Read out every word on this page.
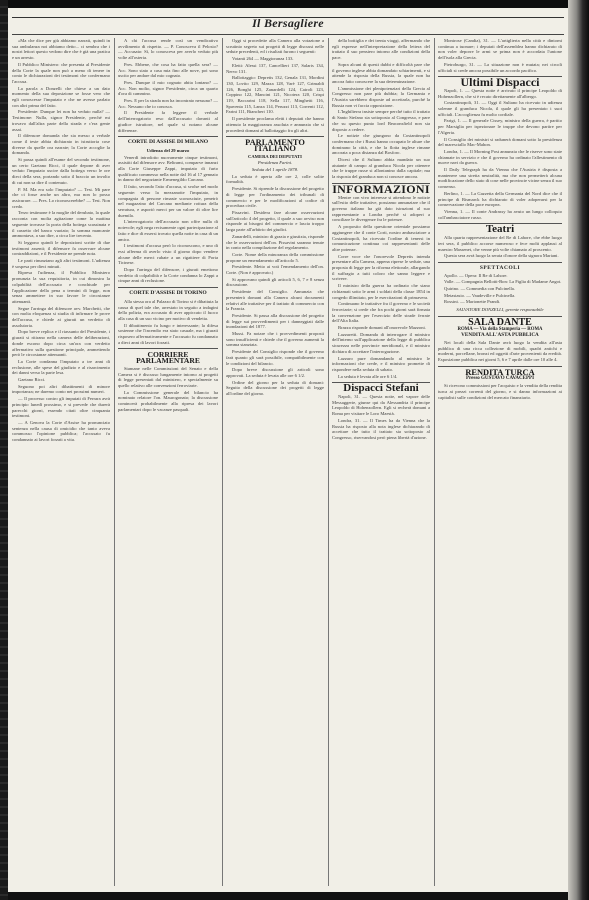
Il Bersagliere

«Ma che dice per giù abbiamo narrati, quindi in sua ambulanza noi abbiamo detto... ci sembra che i nostri lettori questo vedono dire che è già una pratica e un arresto.

Il Pubblico Ministero: che presenta al Presidente della Corte la quale non può a meno di tenere in conto le dichiarazioni dei testimoni che confermano l'accusa.

La parola a Donzelli che chiese a un dato momento della sua deposizione se fosse vero che egli conoscesse l'imputato e che ne avesse parlato con altri prima del fatto.

Presidente: Dunque lei non ha veduto nulla? — Testimone: Nulla, signor Presidente, perché mi trovavo dall'altra parte della strada e c'era gente assai.

Il difensore domanda che sia messo a verbale come il teste abbia dichiarato in istruttoria cose diverse da quelle ora narrate; la Corte accoglie la domanda.

Si passa quindi all'esame del secondo testimone, un certo Gaetano Ricci, il quale depone di aver veduto l'imputato uscire dalla bottega verso le ore dieci della sera, portando sotto il braccio un involto di cui non sa dire il contenuto.

P. M. Ma era solo l'imputato? — Test. Mi pare che ci fosse anche un altro, ma non lo posso assicurare. — Pres. Lo riconoscerebbe? — Test. Non credo.

Terzo testimone è la moglie del derubato, la quale racconta con molta agitazione come la mattina seguente trovasse la porta della bottega scassinata e il cassetto del banco vuotato; la somma mancante ammontava, a suo dire, a circa lire trecento.

Si leggono quindi le deposizioni scritte di due testimoni assenti; il difensore fa osservare alcune contraddizioni, e il Presidente ne prende nota.

Le parti rinunziano agli altri testimoni. L'udienza è sospesa per dieci minuti.

Ripresa l'udienza, il Pubblico Ministero pronunzia la sua requisitoria, in cui dimostra la colpabilità dell'accusato e conchiude per l'applicazione della pena a termini di legge, non senza ammettere in suo favore le circostanze attenuanti.

Segue l'arringa del difensore avv. Marchetti, che con molta eloquenza si studia di infirmare le prove dell'accusa, e chiede ai giurati un verdetto di assolutoria.

Dopo breve replica e il riassunto del Presidente, i giurati si ritirano nella camera delle deliberazioni, donde escono dopo circa un'ora con verdetto affermativo sulla questione principale, ammettendo però le circostanze attenuanti.

La Corte condanna l'imputato a tre anni di reclusione, alle spese del giudizio e al risarcimento dei danni verso la parte lesa.

Gaetano Ricci.

Seguono poi altri dibattimenti di minore importanza; ne daremo conto nei prossimi numeri.

— Il processo contro gli imputati di Ferrara avrà principio lunedì prossimo, e si prevede che durerà parecchi giorni, essendo citati oltre cinquanta testimoni.

— A Genova la Corte d'Assise ha pronunciato sentenza nella causa di omicidio che tanto aveva commosso l'opinione pubblica; l'accusato fu condannato ai lavori forzati a vita.

A chi l'accusa rende così un vendicativo avvilimento di rispetto. — P. Conosceva il Pelosio? — Accusato: Sì, lo conosceva per averlo veduto più volte all'osteria.

Pres. Ebbene, che cosa ha fatto quella sera? — Acc. Sono stato a casa mia fino alle nove, poi sono uscito per andare dal mio cognato.

Pres. Dunque il mio cognato abita lontano? — Acc. Non molto, signor Presidente, circa un quarto d'ora di cammino.

Pres. E per la strada non ha incontrato nessuno? — Acc. Nessuno che io conosca.

Il Presidente fa leggere il verbale dell'interrogatorio reso dall'accusato davanti al giudice istruttore, nel quale si notano alcune differenze.

CORTE DI ASSISE DI MILANO
Udienza del 29 marzo

Venerdì introdotto nuovamente cinque testimoni, assistiti dal difensore avv. Beltrami, comparve innanzi alla Corte Giuseppe Zappi, imputato di furto qualificato commesso nella notte dal 16 al 17 gennaio in danno del negoziante Ermenegildo Carcano.

Il fatto, secondo l'atto d'accusa, si svolse nel modo seguente: verso la mezzanotte l'imputato, in compagnia di persone rimaste sconosciute, penetrò nel magazzino del Carcano mediante rottura della serratura, e asportò merci per un valore di oltre lire duemila.

L'interrogatorio dell'accusato non offre nulla di notevole; egli nega recisamente ogni partecipazione al fatto e dice di essersi trovato quella notte in casa di un amico.

I testimoni d'accusa però lo riconoscono, e uno di essi afferma di averlo visto il giorno dopo vendere alcune delle merci rubate a un rigattiere di Porta Ticinese.

Dopo l'arringa del difensore, i giurati emettono verdetto di colpabilità e la Corte condanna lo Zappi a cinque anni di reclusione.

CORTE D'ASSISE DI TORINO

Alla stessa ora al Palazzo di Torino si è dibattuta la causa di quel tale che, arrestato in seguito a indagini della polizia, era accusato di aver appiccato il fuoco alla casa di un suo vicino per motivo di vendetta.

Il dibattimento fu lungo e interessante; la difesa sostenne che l'incendio era stato casuale, ma i giurati risposero affermativamente e l'accusato fu condannato a dieci anni di lavori forzati.

CORRIERE PARLAMENTARE

Stamane nelle Commissioni del Senato e della Camera si è discusso lungamente intorno ai progetti di legge presentati dal ministero, e specialmente su quello relativo alle convenzioni ferroviarie.

La Commissione generale del bilancio ha nominato relatore l'on. Maurogonato; la discussione comincerà probabilmente alla ripresa dei lavori parlamentari dopo le vacanze pasquali.

Oggi si procedette alla Camera alla votazione a scrutinio segreto sui progetti di legge discussi nelle sedute precedenti, ed i risultati furono i seguenti:

Votanti 264 — Maggioranza 133.

Eletti: Alessi 137, Cancellieri 137, Salaris 134, Nervo 131.

Ballottaggio: Depretis 132, Genala 131, Mordini 130, Lovito 129, Mazza 128, Varè 127, Grimaldi 126, Bonghi 125, Zanardelli 124, Cairoli 123, Coppino 122, Mancini 121, Nicotera 120, Crispi 119, Baccarini 118, Sella 117, Minghetti 116, Spaventa 115, Lanza 114, Peruzzi 113, Correnti 112, Farini 111, Biancheri 110.

Il presidente proclama eletti i deputati che hanno ottenuto la maggioranza assoluta e annunzia che si procederà domani al ballottaggio fra gli altri.

PARLAMENTO ITALIANO
CAMERA DEI DEPUTATI
Presidenza Farini.
Seduta del 1 aprile 1878.

La seduta è aperta alle ore 2, colle solite formalità.

Presidente. Si riprende la discussione del progetto di legge per l'ordinamento dei tribunali di commercio e per le modificazioni al codice di procedura civile.

Pissavini. Desidera fare alcune osservazioni sull'articolo 4 del progetto, il quale a suo avviso non risponde ai bisogni del commercio e lascia troppo larga parte all'arbitrio dei giudici.

Zanardelli, ministro di grazia e giustizia, risponde che le osservazioni dell'on. Pissavini saranno tenute in conto nella compilazione del regolamento.

Corte. Nome della minoranza della commissione propone un emendamento all'articolo 5.

Presidente. Metto ai voti l'emendamento dell'on. Corte. (Non è approvato.)

Si approvano quindi gli articoli 5, 6, 7 e 8 senza discussione.

Presidente del Consiglio. Annunzia che presenterà domani alla Camera alcuni documenti relativi alle trattative per il trattato di commercio con la Francia.

Presidente. Si passa alla discussione del progetto di legge sui provvedimenti per i danneggiati dalle inondazioni del 1877.

Mussi. Fa notare che i provvedimenti proposti sono insufficienti e chiede che il governo aumenti la somma stanziata.

Presidente del Consiglio risponde che il governo farà quanto gli sarà possibile, compatibilmente con le condizioni del bilancio.

Dopo breve discussione gli articoli sono approvati. La seduta è levata alle ore 6 1/2.

Ordine del giorno per la seduta di domani: Seguito della discussione dei progetti di legge all'ordine del giorno.

della bottiglia e dei trenta viaggi, affermando che egli espresse nell'interpretazione della lettera del trattato il suo pensiero intorno alle condizioni della pace.

Sopra alcuni di questi dubbi e difficoltà pare che il governo inglese abbia domandato schiarimenti, e si attende la risposta della Russia, la quale non ha ancora fatto conoscere la sua determinazione.

L'ammissione dei plenipotenziari della Grecia al Congresso non pare più dubbia; la Germania e l'Austria sarebbero disposte ad accettarla, purché la Russia non vi faccia opposizione.

L'Inghilterra insiste sempre perché tutto il trattato di Santo Stefano sia sottoposto al Congresso, e pare che su questo punto lord Beaconsfield non sia disposto a cedere.

Le notizie che giungono da Costantinopoli confermano che i Russi hanno occupato le alture che dominano la città, e che la flotta inglese rimane ancorata a poca distanza dal Bosforo.

Dicesi che il Sultano abbia mandato un suo aiutante di campo al granduca Nicola per ottenere che le truppe russe si allontanino dalla capitale; ma la risposta del granduca non si conosce ancora.

INFORMAZIONI

Mentre con vivo interesse si attendono le notizie sull'esito delle trattative, possiamo annunziare che il governo italiano ha già dato istruzioni al suo rappresentante a Londra perché si adoperi a conciliare le divergenze fra le potenze.

A proposito della questione orientale possiamo aggiungere che il conte Corti, nostro ambasciatore a Costantinopoli, ha ricevuto l'ordine di tenersi in comunicazione continua coi rappresentanti delle altre potenze.

Corre voce che l'onorevole Depretis intenda presentare alla Camera, appena riprese le sedute, una proposta di legge per la riforma elettorale, allargando il suffragio a tutti coloro che sanno leggere e scrivere.

Il ministro della guerra ha ordinato che siano richiamati sotto le armi i soldati della classe 1854 in congedo illimitato, per le esercitazioni di primavera.

Continuano le trattative fra il governo e le società ferroviarie; si crede che fra pochi giorni sarà firmata la convenzione per l'esercizio delle strade ferrate dell'Alta Italia.

Brazza risponde domani all'onorevole Mazzoni.

Lazzaretti. Domanda di interrogare il ministro dell'interno sull'applicazione della legge di pubblica sicurezza nelle provincie meridionali, e il ministro dichiara di accettare l'interrogazione.

Lazzaro pure domandando al ministro le informazioni che crede, e il ministro promette di rispondere nella seduta di sabato.

La seduta è levata alle ore 6 1/4.

Dispacci Stefani

Napoli, 31. — Questa notte, nel vapore delle Messaggerie, giunse qui da Alessandria il principe Leopoldo di Hohenzollern. Egli si recherà domani a Roma per visitare le Loro Maestà.

Londra, 31. — Il Times ha da Vienna che la Russia ha risposto alla nota inglese dichiarando di accettare che tutto il trattato sia sottoposto al Congresso, riservandosi però piena libertà d'azione.

Montrose (Candia), 31. — L'artiglieria nella città e dintorni continua a tuonare; i deputati dell'assemblea hanno dichiarato di non voler deporre le armi se prima non è accordata l'unione dell'isola alla Grecia.

Pietroburgo, 31. — La situazione non è mutata; nei circoli ufficiali si crede ancora possibile un accordo pacifico.

Ultimi Dispacci

Napoli, 1. — Questa notte è arrivato il principe Leopoldo di Hohenzollern, che si è recato direttamente all'albergo.

Costantinopoli, 31. — Oggi il Sultano ha ricevuto in udienza solenne il granduca Nicola, il quale gli ha presentato i suoi ufficiali. L'accoglienza fu molto cordiale.

Parigi, 1. — Il generale Cissey, ministro della guerra, è partito per Marsiglia per ispezionare le truppe che devono partire per l'Algeria.

Il Consiglio dei ministri si radunerà domani sotto la presidenza del maresciallo Mac-Mahon.

Londra, 1. — Il Morning Post annunzia che le riserve sono state chiamate in servizio e che il governo ha ordinato l'allestimento di nuove navi da guerra.

Il Daily Telegraph ha da Vienna che l'Austria è disposta a mantenere una stretta neutralità, ma che non permetterà alcuna modificazione dello stato di cose nelle provincie vicine senza il suo consenso.

Berlino, 1. — La Gazzetta della Germania del Nord dice che il principe di Bismarck ha dichiarato di voler adoperarsi per la conservazione della pace europea.

Vienna, 1. — Il conte Andrassy ha avuto un lungo colloquio coll'ambasciatore russo.

Teatri

Alla quarta rappresentazione del Re di Lahore, che ebbe luogo ieri sera, il pubblico accorse numeroso e fece molti applausi al maestro Massenet, che venne più volte chiamato al proscenio.

Questa sera avrà luogo la serata d'onore della signora Mariani.

SPETTACOLI

Apollo. — Opera: Il Re di Lahore.

Valle. — Compagnia Bellotti-Bon: La Figlia di Madame Angot.

Quirino. — Commedia con Pulcinella.

Metastasio. — Vaudeville e Pulcinella.

Rossini. — Marionette Prandi.

SALVATORE DONZELLI, gerente responsabile
SALA DANTE
ROMA — Via della Stamperia — ROMA
VENDITA ALL'ASTA PUBBLICA

Nei locali della Sala Dante avrà luogo la vendita all'asta pubblica di una ricca collezione di mobili, quadri antichi e moderni, porcellane, bronzi ed oggetti d'arte provenienti da eredità. Esposizione pubblica nei giorni 5, 6 e 7 aprile dalle ore 10 alle 4.

RENDITA TURCA
Presso GUSTAVO CAVACEPPI

Si ricevono commissioni per l'acquisto e la vendita della rendita turca ai prezzi correnti del giorno, e si danno informazioni ai capitalisti sulle condizioni del mercato finanziario.
